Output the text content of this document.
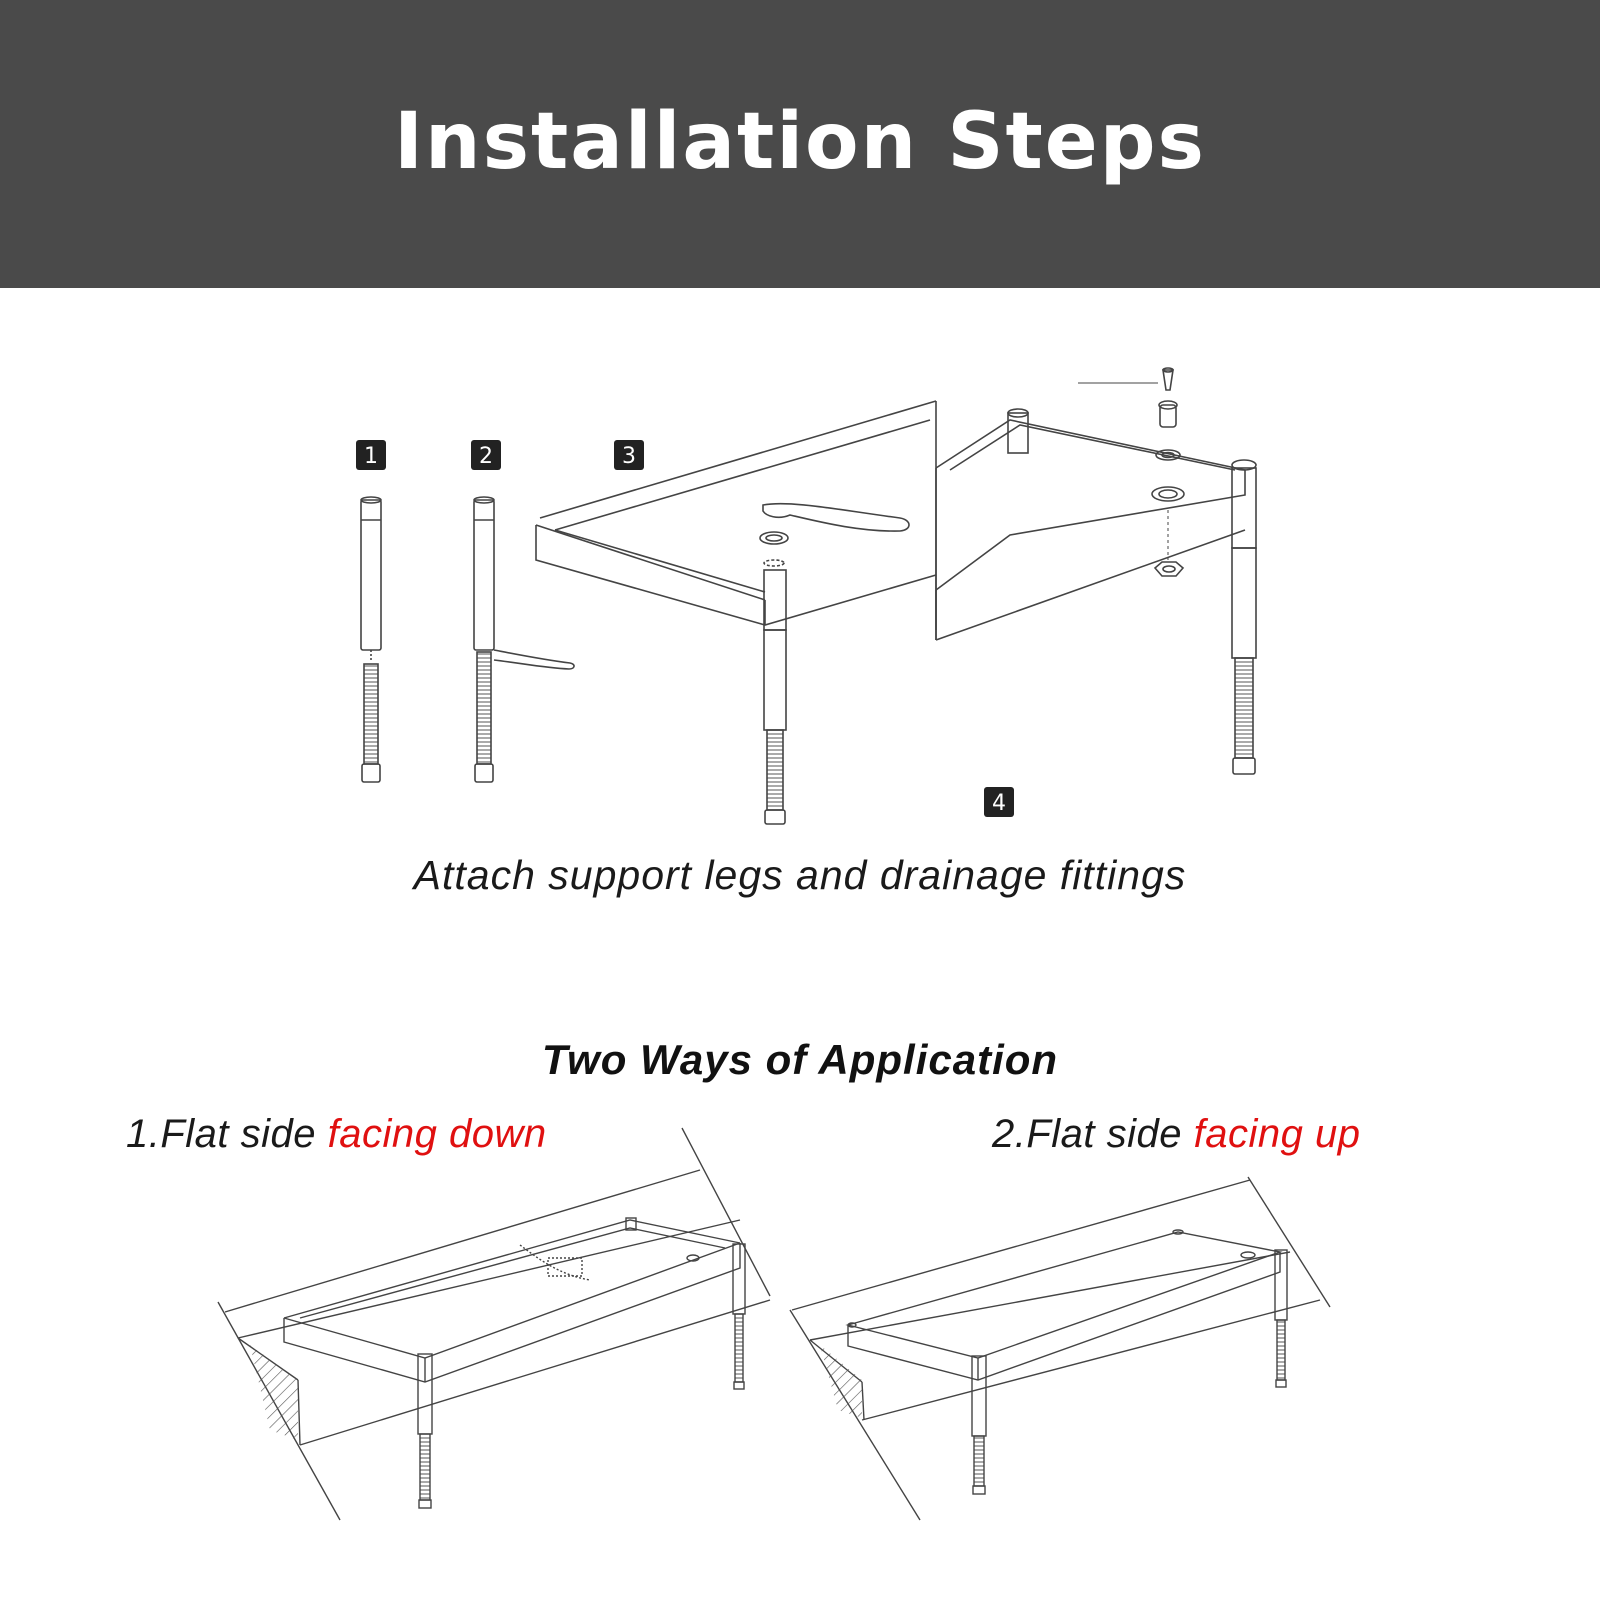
Installation Steps
1	2	3
4
Attach support legs and drainage fittings
Two Ways of Application
1.Flat side facing down	2.Flat side facing up
